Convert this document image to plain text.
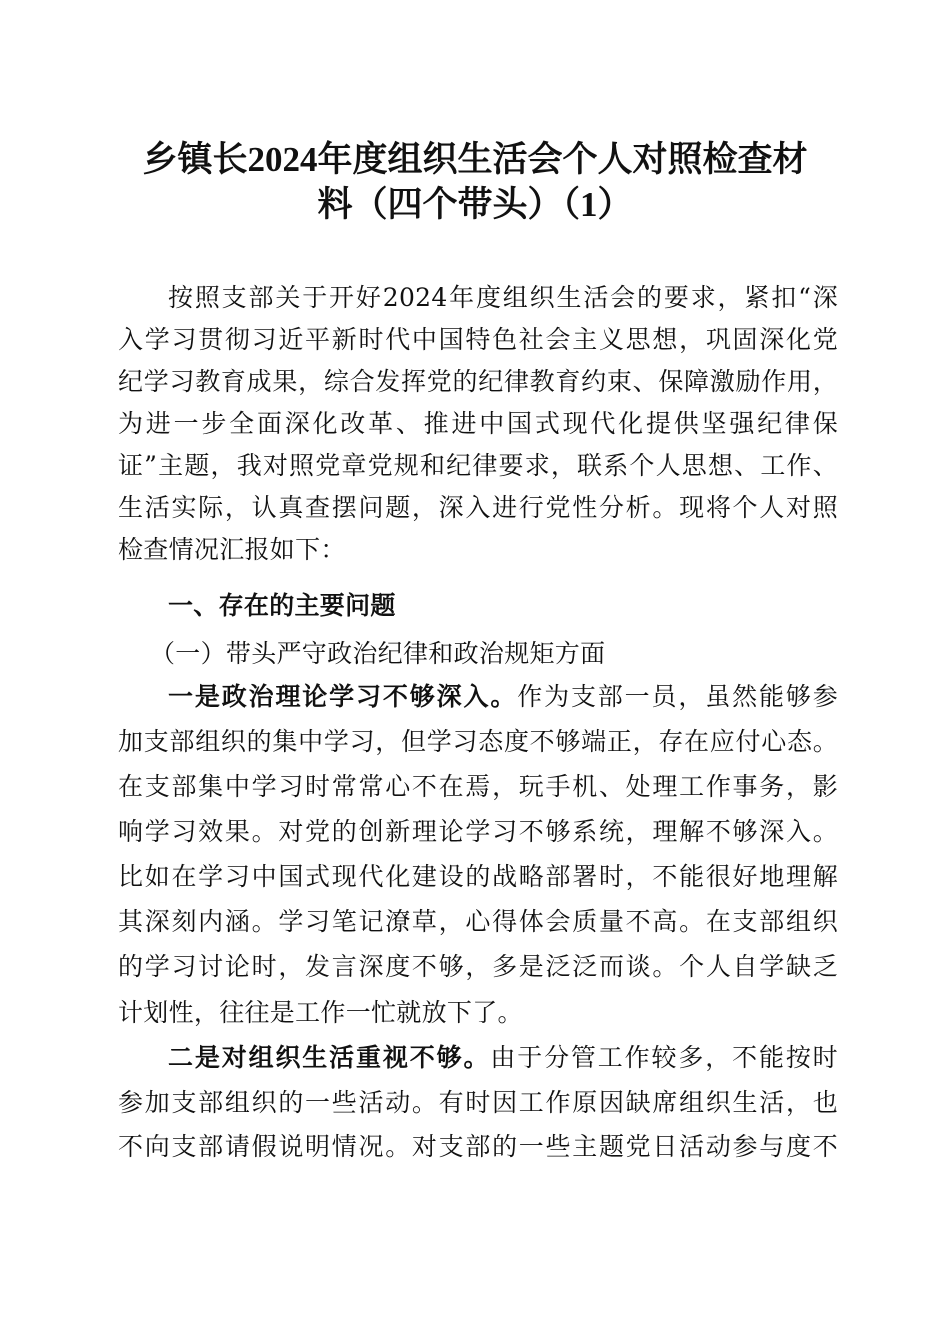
乡镇长2024年度组织生活会个人对照检查材
料（四个带头）（1）
按照支部关于开好2024年度组织生活会的要求，紧扣“深
入学习贯彻习近平新时代中国特色社会主义思想，巩固深化党
纪学习教育成果，综合发挥党的纪律教育约束、保障激励作用，
为进一步全面深化改革、推进中国式现代化提供坚强纪律保
证”主题，我对照党章党规和纪律要求，联系个人思想、工作、
生活实际，认真查摆问题，深入进行党性分析。现将个人对照
检查情况汇报如下：
一、存在的主要问题
（一）带头严守政治纪律和政治规矩方面
一是政治理论学习不够深入。作为支部一员，虽然能够参
加支部组织的集中学习，但学习态度不够端正，存在应付心态。
在支部集中学习时常常心不在焉，玩手机、处理工作事务，影
响学习效果。对党的创新理论学习不够系统，理解不够深入。
比如在学习中国式现代化建设的战略部署时，不能很好地理解
其深刻内涵。学习笔记潦草，心得体会质量不高。在支部组织
的学习讨论时，发言深度不够，多是泛泛而谈。个人自学缺乏
计划性，往往是工作一忙就放下了。
二是对组织生活重视不够。由于分管工作较多，不能按时
参加支部组织的一些活动。有时因工作原因缺席组织生活，也
不向支部请假说明情况。对支部的一些主题党日活动参与度不
